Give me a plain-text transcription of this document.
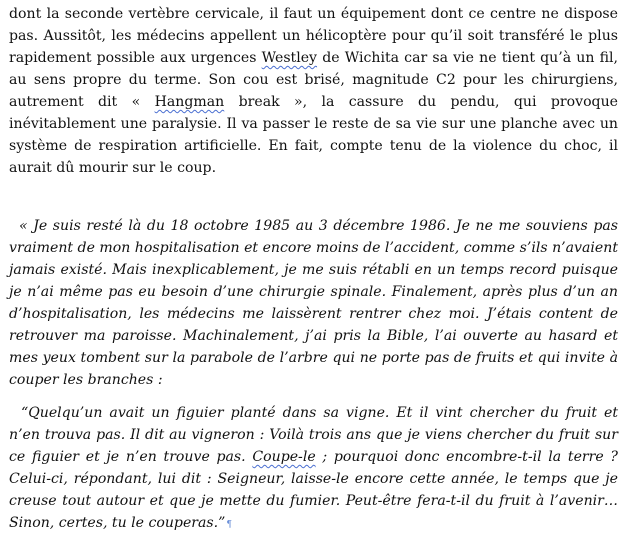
dont la seconde vertèbre cervicale, il faut un équipement dont ce centre ne dispose pas. Aussitôt, les médecins appellent un hélicoptère pour qu’il soit transféré le plus rapidement possible aux urgences Westley de Wichita car sa vie ne tient qu’à un fil, au sens propre du terme. Son cou est brisé, magnitude C2 pour les chirurgiens, autrement dit « Hangman break », la cassure du pendu, qui provoque inévitablement une paralysie. Il va passer le reste de sa vie sur une planche avec un système de respiration artificielle. En fait, compte tenu de la violence du choc, il aurait dû mourir sur le coup.

« Je suis resté là du 18 octobre 1985 au 3 décembre 1986. Je ne me souviens pas vraiment de mon hospitalisation et encore moins de l’accident, comme s’ils n’avaient jamais existé. Mais inexplicablement, je me suis rétabli en un temps record puisque je n’ai même pas eu besoin d’une chirurgie spinale. Finalement, après plus d’un an d’hospitalisation, les médecins me laissèrent rentrer chez moi. J’étais content de retrouver ma paroisse. Machinalement, j’ai pris la Bible, l’ai ouverte au hasard et mes yeux tombent sur la parabole de l’arbre qui ne porte pas de fruits et qui invite à couper les branches :

“Quelqu’un avait un figuier planté dans sa vigne. Et il vint chercher du fruit et n’en trouva pas. Il dit au vigneron : Voilà trois ans que je viens chercher du fruit sur ce figuier et je n’en trouve pas. Coupe-le ; pourquoi donc encombre-t-il la terre ? Celui-ci, répondant, lui dit : Seigneur, laisse-le encore cette année, le temps que je creuse tout autour et que je mette du fumier. Peut-être fera-t-il du fruit à l’avenir… Sinon, certes, tu le couperas.”¶
